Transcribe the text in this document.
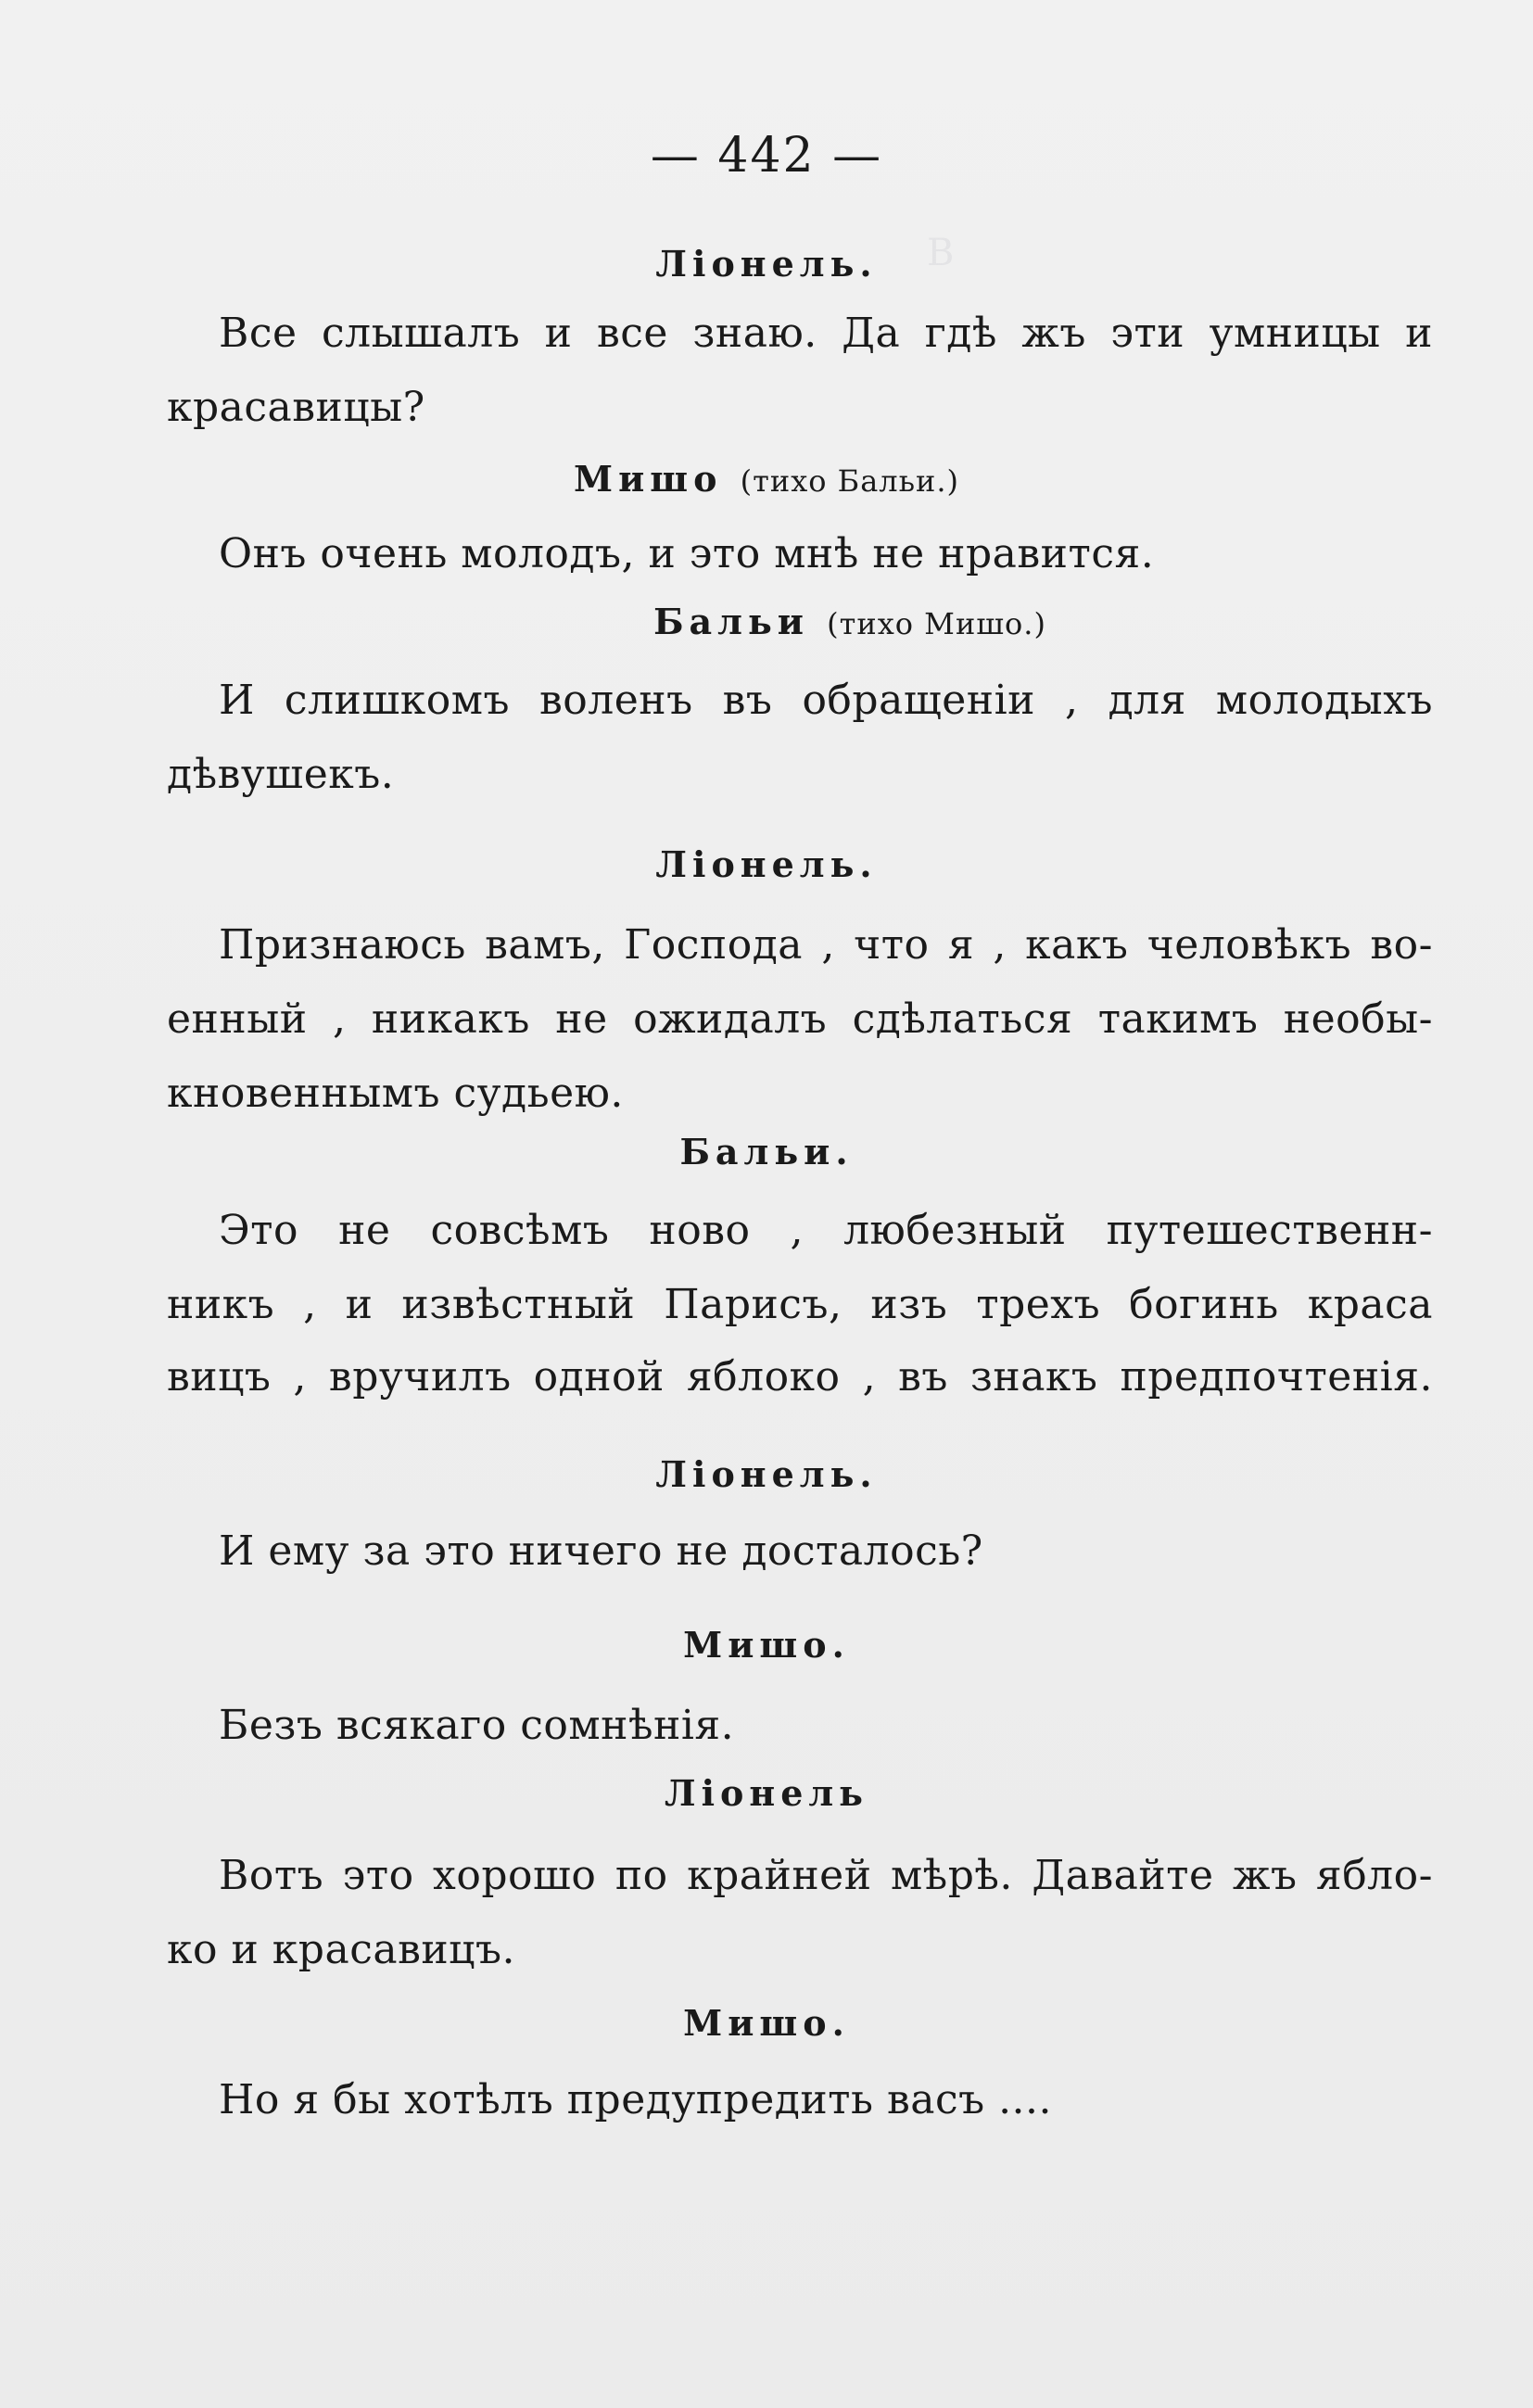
В
— 442 —
Ліонель.
Все слышалъ и все знаю. Да гдѣ жъ эти умницы и
красавицы?
Мишо (тихо Бальи.)
Онъ очень молодъ, и это мнѣ не нравится.
Бальи (тихо Мишо.)
И слишкомъ воленъ въ обращеніи , для молодыхъ
дѣвушекъ.
Ліонель.
Признаюсь вамъ, Господа , что я , какъ человѣкъ во-
енный , никакъ не ожидалъ сдѣлаться такимъ необы-
кновеннымъ судьею.
Бальи.
Это не совсѣмъ ново , любезный путешественн-
никъ , и извѣстный Парисъ, изъ трехъ богинь краса
вицъ , вручилъ одной яблоко , въ знакъ предпочтенія.
Ліонель.
И ему за это ничего не досталось?
Мишо.
Безъ всякаго сомнѣнія.
Ліонель
Вотъ это хорошо по крайней мѣрѣ. Давайте жъ ябло-
ко и красавицъ.
Мишо.
Но я бы хотѣлъ предупредить васъ ....
